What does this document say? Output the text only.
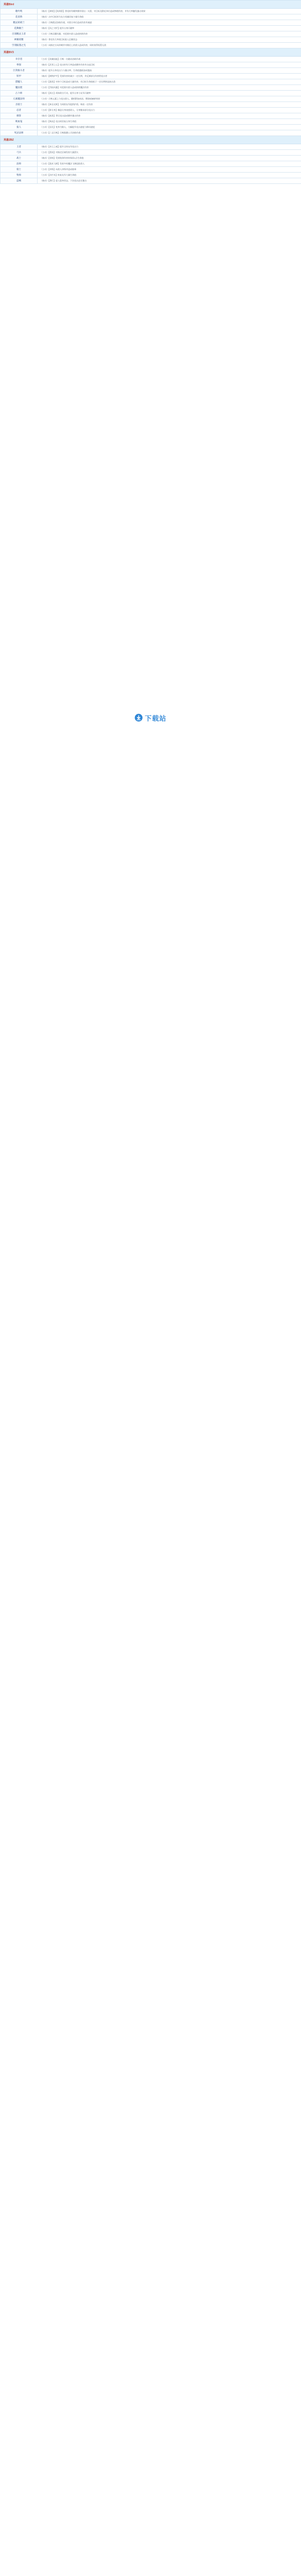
英雄Bird	
歌吟鸣	（被动）【神射】【致命箭】普攻时有概率额外射出一支箭，对目标及附近单位造成物理伤害，并有几率触发暴击效果
花语娇	（被动）击中目标时为友方英雄回复少量生命值
精灵莉莉兰	（被动）召唤精灵协助作战，对敌方单位造成伤害并减速
花舞幽兰	（被动）【风之守护】提升自身闪避率
百翎精灵王者	（主动）召唤羽翼风暴，对范围内敌人造成持续伤害
神翼妖精	（被动）普攻有几率使目标陷入沉睡状态
空翎振翅之光	（主动）向指定方向冲刺并对路径上的敌人造成伤害，同时获得短暂无敌
英雄BV3	
幸存者	（主动）【英雄技能】召唤一名随从协助作战
拳探	（被动）【武者之心】攻击时有几率造成额外伤害并击退目标
巨剑格斗者	（被动）提升自身攻击力与暴击率，生命值越低加成越高
铁甲	（被动）【钢铁护甲】受到伤害时减少一定比例，并反弹部分伤害给攻击者
猎魔人	（主动）【猎杀】对单个目标造成大量伤害，若目标生命值低于一定比例则直接击杀
魔法使	（主动）【烈焰风暴】对范围内敌人造成持续魔法伤害
占卜师	（被动）【预言】预知敌方行动，提升自身与友军闪避率
元素魔法师	（主动）召唤元素之力攻击敌人，随机附加冰冻、燃烧或麻痹效果
圣骑士	（被动）【神圣光辉】为周围友军提供护盾，吸收一定伤害
忍者	（主动）【影分身】制造分身迷惑敌人，分身继承部分攻击力
刺客	（被动）【暗杀】背后攻击造成额外暴击伤害
吸血鬼	（被动）【吸血】攻击时回复自身生命值
狼人	（主动）【狂化】变身为狼人，大幅提升攻击速度与移动速度
死灵法师	（主动）【亡灵召唤】召唤骷髅士兵协助作战
英雄ZBZ	
王者	（被动）【帝王之威】提升全体友军攻击力
弓兵	（主动）【箭雨】对指定区域发射大量箭矢
战士	（被动）【坚韧】受到致命伤害时保留1点生命值
法师	（主动）【奥术飞弹】发射多枚魔法飞弹追踪敌人
骑士	（主动）【冲锋】向敌人冲锋并造成眩晕
牧师	（主动）【治疗术】恢复友军大量生命值
盗贼	（被动）【潜行】进入隐身状态，下次攻击必定暴击
下载站
